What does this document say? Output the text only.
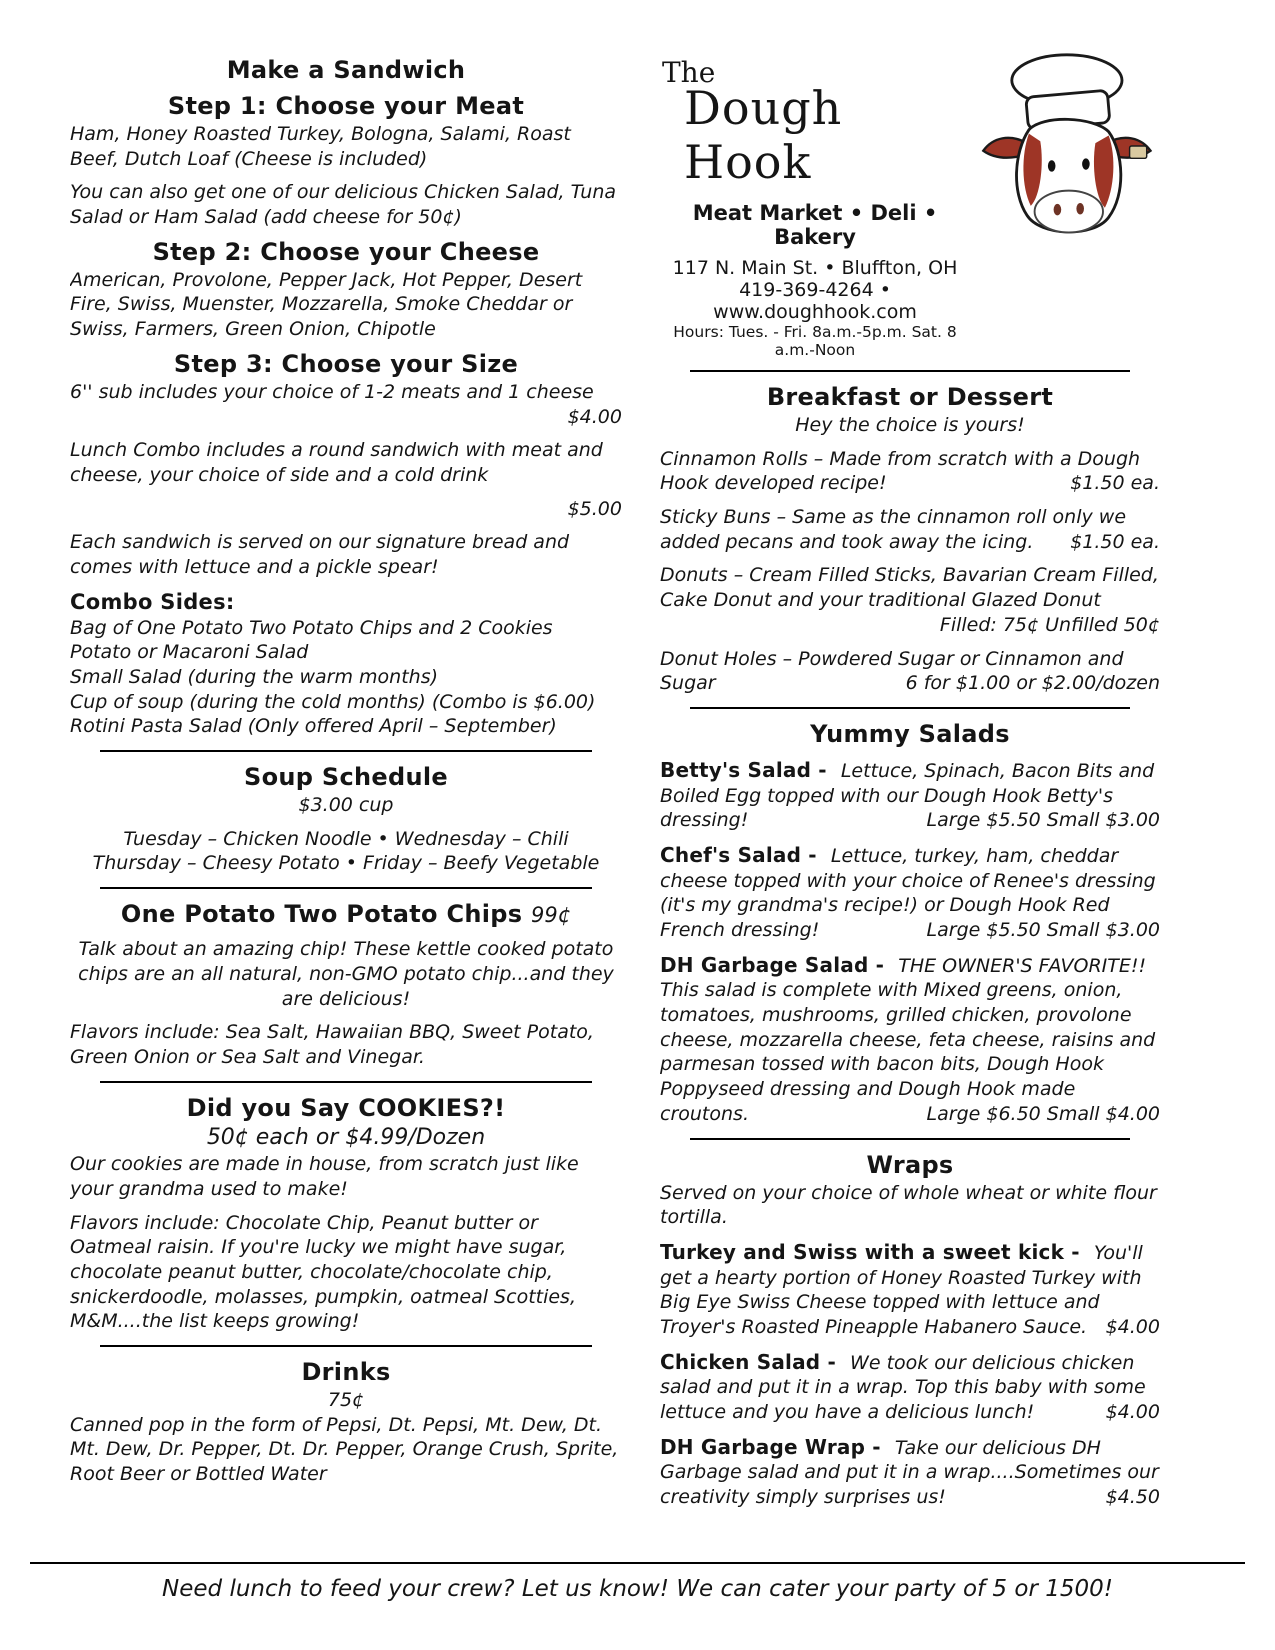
Make a Sandwich
Step 1: Choose your Meat

Ham, Honey Roasted Turkey, Bologna, Salami, Roast Beef, Dutch Loaf (Cheese is included)

You can also get one of our delicious Chicken Salad, Tuna Salad or Ham Salad (add cheese for 50¢)

Step 2: Choose your Cheese

American, Provolone, Pepper Jack, Hot Pepper, Desert Fire, Swiss, Muenster, Mozzarella, Smoke Cheddar or Swiss, Farmers, Green Onion, Chipotle

Step 3: Choose your Size

6'' sub includes your choice of 1-2 meats and 1 cheese
$4.00

Lunch Combo includes a round sandwich with meat and cheese, your choice of side and a cold drink

$5.00

Each sandwich is served on our signature bread and comes with lettuce and a pickle spear!

Combo Sides:

Bag of One Potato Two Potato Chips and 2 Cookies

Potato or Macaroni Salad

Small Salad (during the warm months)

Cup of soup (during the cold months) (Combo is $6.00)

Rotini Pasta Salad (Only offered April – September)

Soup Schedule

$3.00 cup

Tuesday – Chicken Noodle • Wednesday – Chili

Thursday – Cheesy Potato • Friday – Beefy Vegetable

One Potato Two Potato Chips 99¢

Talk about an amazing chip! These kettle cooked potato chips are an all natural, non-GMO potato chip...and they are delicious!

Flavors include: Sea Salt, Hawaiian BBQ, Sweet Potato, Green Onion or Sea Salt and Vinegar.

Did you Say COOKIES?!

50¢ each or $4.99/Dozen

Our cookies are made in house, from scratch just like your grandma used to make!

Flavors include: Chocolate Chip, Peanut butter or Oatmeal raisin. If you're lucky we might have sugar, chocolate peanut butter, chocolate/chocolate chip, snickerdoodle, molasses, pumpkin, oatmeal Scotties, M&M....the list keeps growing!

Drinks

75¢

Canned pop in the form of Pepsi, Dt. Pepsi, Mt. Dew, Dt. Mt. Dew, Dr. Pepper, Dt. Dr. Pepper, Orange Crush, Sprite, Root Beer or Bottled Water

The
Dough Hook
Meat Market • Deli • Bakery
117 N. Main St. • Bluffton, OH
419-369-4264 • www.doughhook.com
Hours: Tues. - Fri. 8a.m.-5p.m. Sat. 8 a.m.-Noon
Breakfast or Dessert

Hey the choice is yours!

Cinnamon Rolls – Made from scratch with a Dough Hook developed recipe!	$1.50 ea.

Sticky Buns – Same as the cinnamon roll only we added pecans and took away the icing.	$1.50 ea.

Donuts – Cream Filled Sticks, Bavarian Cream Filled, Cake Donut and your traditional Glazed Donut
Filled: 75¢ Unfilled 50¢

Donut Holes – Powdered Sugar or Cinnamon and Sugar	6 for $1.00 or $2.00/dozen

Yummy Salads

Betty's Salad - Lettuce, Spinach, Bacon Bits and Boiled Egg topped with our Dough Hook Betty's dressing!	Large $5.50 Small $3.00

Chef's Salad - Lettuce, turkey, ham, cheddar cheese topped with your choice of Renee's dressing (it's my grandma's recipe!) or Dough Hook Red French dressing!	Large $5.50 Small $3.00

DH Garbage Salad - THE OWNER'S FAVORITE!! This salad is complete with Mixed greens, onion, tomatoes, mushrooms, grilled chicken, provolone cheese, mozzarella cheese, feta cheese, raisins and parmesan tossed with bacon bits, Dough Hook Poppyseed dressing and Dough Hook made croutons.	Large $6.50 Small $4.00

Wraps

Served on your choice of whole wheat or white flour tortilla.

Turkey and Swiss with a sweet kick - You'll get a hearty portion of Honey Roasted Turkey with Big Eye Swiss Cheese topped with lettuce and Troyer's Roasted Pineapple Habanero Sauce. $4.00

Chicken Salad - We took our delicious chicken salad and put it in a wrap. Top this baby with some lettuce and you have a delicious lunch!	$4.00

DH Garbage Wrap - Take our delicious DH Garbage salad and put it in a wrap....Sometimes our creativity simply surprises us!	$4.50

Need lunch to feed your crew? Let us know! We can cater your party of 5 or 1500!
